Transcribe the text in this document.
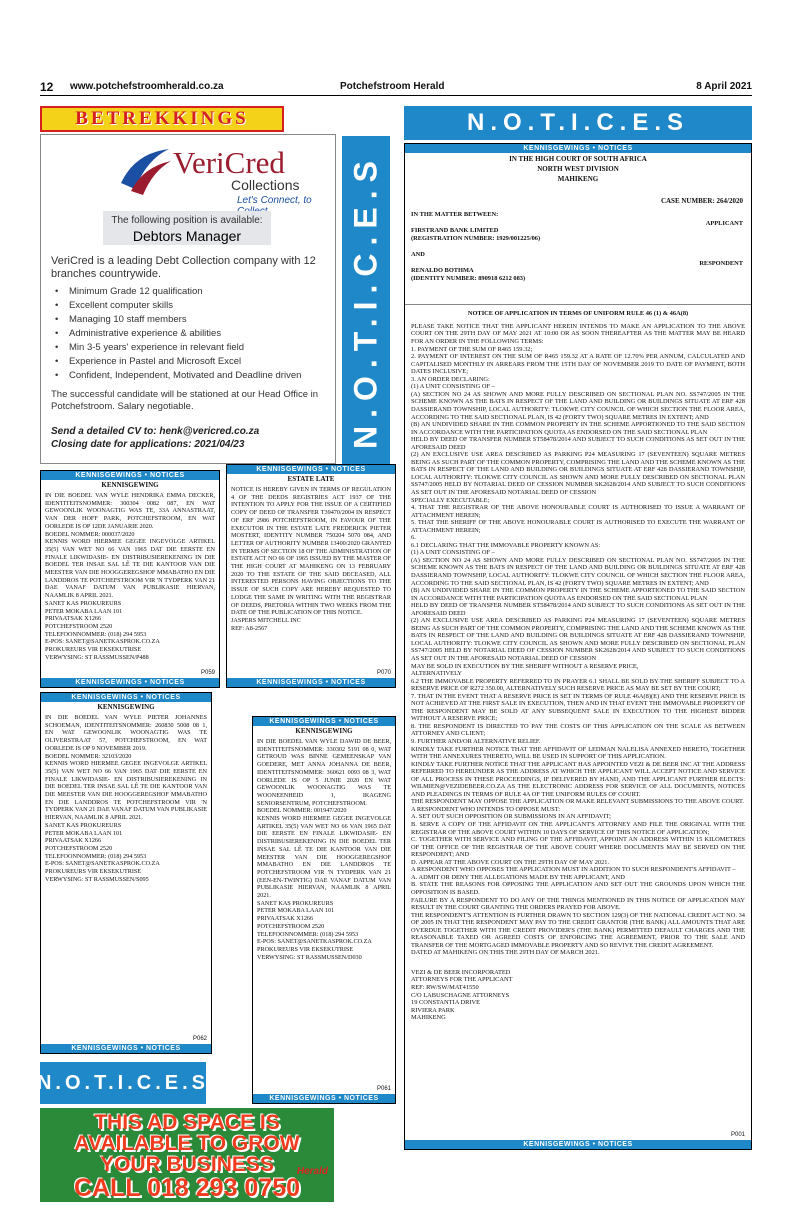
12 www.potchefstroomherald.co.za	Potchefstroom Herald	8 April 2021
BETREKKINGS	N.O.T.I.C.E.S
N.O.T.I.C.E.S
VeriCred
Collections
Let's Connect, to
The following position is available:
Debtors Manager
VeriCred is a leading Debt Collection company with 12 branches countrywide.
• Minimum Grade 12 qualification
• Excellent computer skills
• Managing 10 staff members
• Administrative experience & abilities
• Min 3-5 years' experience in relevant field
• Experience in Pastel and Microsoft Excel
• Confident, Independent, Motivated and Deadline driven
The successful candidate will be stationed at our Head Office in Potchefstroom. Salary negotiable.
Send a detailed CV to: henk@vericred.co.za
Closing date for applications: 2021/04/23
KENNISGEWINGS • NOTICES
KENNISGEWING
IN DIE BOEDEL VAN WYLE HENDRIKA EMMA DECKER, IDENTITEITSNOMMER: 300304 0082 087, EN WAT GEWOONLIK WOONAGTIG WAS TE, 33A ANNASTRAAT, VAN DER HOFF PARK, POTCHEFSTROOM, EN WAT OORLEDE IS OP 12DE JANUARIE 2020.
BOEDEL NOMMER: 000037/2020
KENNIS WORD HIERMEE GEGEE INGEVOLGE ARTIKEL 35(5) VAN WET NO 66 VAN 1965 DAT DIE EERSTE EN FINALE LIKWIDASIE- EN DISTRIBUSIEREKENING IN DIE BOEDEL TER INSAE SAL LÊ TE DIE KANTOOR VAN DIE MEESTER VAN DIE HOOGGEREGSHOF MMABATHO EN DIE LANDDROS TE POTCHEFSTROOM VIR 'N TYDPERK VAN 21 DAE VANAF DATUM VAN PUBLIKASIE HIERVAN, NAAMLIK 8 APRIL 2021.
SANET KAS PROKUREURS
PETER MOKABA LAAN 101
PRIVAATSAK X1266
POTCHEFSTROOM 2520
TELEFOONNOMMER: (018) 294 5953
E-POS: SANET@SANETKASPROK.CO.ZA
PROKUREURS VIR EKSEKUTRISE
VERWYSING: ST RASSMUSSEN/P488
P059
KENNISGEWINGS • NOTICES
KENNISGEWINGS • NOTICES
ESTATE LATE
NOTICE IS HEREBY GIVEN IN TERMS OF REGULATION 4 OF THE DEEDS REGISTRIES ACT 1937 OF THE INTENTION TO APPLY FOR THE ISSUE OF A CERTIFIED COPY OF DEED OF TRANSFER T39470/2004 IN RESPECT OF ERF 2986 POTCHEFSTROOM, IN FAVOUR OF THE EXECUTOR IN THE ESTATE LATE FREDERICK PIETER MOSTERT, IDENTITY NUMBER 750204 5070 084, AND LETTER OF AUTHORITY NUMBER 13400/2020 GRANTED IN TERMS OF SECTION 18 OF THE ADMINISTRATION OF ESTATE ACT NO 66 OF 1965 ISSUED BY THE MASTER OF THE HIGH COURT AT MAHIKENG ON 13 FEBRUARY 2020 TO THE ESTATE OF THE SAID DECEASED, ALL INTERESTED PERSONS HAVING OBJECTIONS TO THE ISSUE OF SUCH COPY ARE HEREBY REQUESTED TO LODGE THE SAME IN WRITING WITH THE REGISTRAR OF DEEDS, PRETORIA WITHIN TWO WEEKS FROM THE DATE OF THE PUBLICATION OF THIS NOTICE.
JASPERS MITCHELL INC
REF: A8-2567
P070
KENNISGEWINGS • NOTICES
KENNISGEWINGS • NOTICES
KENNISGEWING
IN DIE BOEDEL VAN WYLE PIETER JOHANNES SCHOEMAN, IDENTITEITSNOMMER: 260830 5008 08 1, EN WAT GEWOONLIK WOONAGTIG WAS TE OLIVERSTRAAT 57, POTCHEFSTROOM, EN WAT OORLEDE IS OP 9 NOVEMBER 2019.
BOEDEL NOMMER: 32103/2020
KENNIS WORD HIERMEE GEGEE INGEVOLGE ARTIKEL 35(5) VAN WET NO 66 VAN 1965 DAT DIE EERSTE EN FINALE LIKWIDASIE- EN DISTRIBUSIEREKENING IN DIE BOEDEL TER INSAE SAL LÊ TE DIE KANTOOR VAN DIE MEESTER VAN DIE HOOGGEREGSHOF MMABATHO EN DIE LANDDROS TE POTCHEFSTROOM VIR 'N TYDPERK VAN 21 DAE VANAF DATUM VAN PUBLIKASIE HIERVAN, NAAMLIK 8 APRIL 2021.
SANET KAS PROKUREURS
PETER MOKABA LAAN 101
PRIVAATSAK X1266
POTCHEFSTROOM 2520
TELEFOONNOMMER: (018) 294 5953
E-POS: SANET@SANETKASPROK.CO.ZA
PROKUREURS VIR EKSEKUTRISE
VERWYSING: ST RASSMUSSEN/S095
P062
KENNISGEWINGS • NOTICES
KENNISGEWINGS • NOTICES
KENNISGEWING
IN DIE BOEDEL VAN WYLE DAWID DE BEER, IDENTITEITSNOMMER: 330302 5191 08 0, WAT GETROUD WAS BINNE GEMEENSKAP VAN GOEDERE, MET ANNA JOHANNA DE BEER, IDENTITEITSNOMMER: 360621 0093 08 3, WAT OORLEDE IS OP 5 JUNIE 2020 EN WAT GEWOONLIK WOONAGTIG WAS TE WOONEENHEID 1, IKAGENG SENIORSENTRUM, POTCHEFSTROOM.
BOEDEL NOMMER: 001947/2020
KENNIS WORD HIERMEE GEGEE INGEVOLGE ARTIKEL 35(5) VAN WET NO 66 VAN 1965 DAT DIE EERSTE EN FINALE LIKWIDASIE- EN DISTRIBUSIEREKENING IN DIE BOEDEL TER INSAE SAL LÊ TE DIE KANTOOR VAN DIE MEESTER VAN DIE HOOGGEREGSHOF MMABATHO EN DIE LANDDROS TE POTCHEFSTROOM VIR 'N TYDPERK VAN 21 (EEN-EN-TWINTIG) DAE VANAF DATUM VAN PUBLIKASIE HIERVAN, NAAMLIK 8 APRIL 2021.
SANET KAS PROKUREURS
PETER MOKABA LAAN 101
PRIVAATSAK X1266
POTCHEFSTROOM 2520
TELEFOONNOMMER: (018) 294 5953
E-POS: SANET@SANETKASPROK.CO.ZA
PROKUREURS VIR EKSEKUTRISE
VERWYSING: ST RASSMUSSEN/D030
P061
KENNISGEWINGS • NOTICES
N.O.T.I.C.E.S
THIS AD SPACE IS
AVAILABLE TO GROW
YOUR BUSINESS	Herald
CALL 018 293 0750
KENNISGEWINGS • NOTICES
IN THE HIGH COURT OF SOUTH AFRICA
NORTH WEST DIVISION
MAHIKENG
CASE NUMBER: 264/2020
IN THE MATTER BETWEEN:

FIRSTRAND BANK LIMITED
(REGISTRATION NUMBER: 1929/001225/06)

APPLICANT

AND

RENALDO BOTHMA
(IDENTITY NUMBER: 890918 6212 083)

RESPONDENT

NOTICE OF APPLICATION IN TERMS OF UNIFORM RULE 46 (1) & 46A(8)
PLEASE TAKE NOTICE THAT THE APPLICANT HEREIN INTENDS TO MAKE AN APPLICATION TO THE ABOVE COURT ON THE 29TH DAY OF MAY 2021 AT 10:00 OR AS SOON THEREAFTER AS THE MATTER MAY BE HEARD FOR AN ORDER IN THE FOLLOWING TERMS:
1. PAYMENT OF THE SUM OF R465 159.32;
2. PAYMENT OF INTEREST ON THE SUM OF R465 159.32 AT A RATE OF 12.70% PER ANNUM, CALCULATED AND CAPITALISED MONTHLY IN ARREARS FROM THE 15TH DAY OF NOVEMBER 2019 TO DATE OF PAYMENT, BOTH DATES INCLUSIVE;
3. AN ORDER DECLARING:
(1) A UNIT CONSISTING OF –
(A) SECTION NO 24 AS SHOWN AND MORE FULLY DESCRIBED ON SECTIONAL PLAN NO. SS747/2005 IN THE SCHEME KNOWN AS THE BATS IN RESPECT OF THE LAND AND BUILDING OR BUILDINGS SITUATE AT ERF 428 DASSIERAND TOWNSHIP, LOCAL AUTHORITY: TLOKWE CITY COUNCIL OF WHICH SECTION THE FLOOR AREA, ACCORDING TO THE SAID SECTIONAL PLAN, IS 42 (FORTY TWO) SQUARE METRES IN EXTENT; AND
(B) AN UNDIVIDED SHARE IN THE COMMON PROPERTY IN THE SCHEME APPORTIONED TO THE SAID SECTION IN ACCORDANCE WITH THE PARTICIPATION QUOTA AS ENDORSED ON THE SAID SECTIONAL PLAN
HELD BY DEED OF TRANSFER NUMBER ST58478/2014 AND SUBJECT TO SUCH CONDITIONS AS SET OUT IN THE AFORESAID DEED
(2) AN EXCLUSIVE USE AREA DESCRIBED AS PARKING P24 MEASURING 17 (SEVENTEEN) SQUARE METRES BEING AS SUCH PART OF THE COMMON PROPERTY, COMPRISING THE LAND AND THE SCHEME KNOWN AS THE BATS IN RESPECT OF THE LAND AND BUILDING OR BUILDINGS SITUATE AT ERF 428 DASSIERAND TOWNSHIP, LOCAL AUTHORITY: TLOKWE CITY COUNCIL AS SHOWN AND MORE FULLY DESCRIBED ON SECTIONAL PLAN SS747/2005 HELD BY NOTARIAL DEED OF CESSION NUMBER SK2628/2014 AND SUBJECT TO SUCH CONDITIONS AS SET OUT IN THE AFORESAID NOTARIAL DEED OF CESSION
SPECIALLY EXECUTABLE;
4. THAT THE REGISTRAR OF THE ABOVE HONOURABLE COURT IS AUTHORISED TO ISSUE A WARRANT OF ATTACHMENT HEREIN;
5. THAT THE SHERIFF OF THE ABOVE HONOURABLE COURT IS AUTHORISED TO EXECUTE THE WARRANT OF ATTACHMENT HEREIN;
6.
6.1 DECLARING THAT THE IMMOVABLE PROPERTY KNOWN AS:
(1) A UNIT CONSISTING OF –
(A) SECTION NO 24 AS SHOWN AND MORE FULLY DESCRIBED ON SECTIONAL PLAN NO. SS747/2005 IN THE SCHEME KNOWN AS THE BATS IN RESPECT OF THE LAND AND BUILDING OR BUILDINGS SITUATE AT ERF 428 DASSIERAND TOWNSHIP, LOCAL AUTHORITY: TLOKWE CITY COUNCIL OF WHICH SECTION THE FLOOR AREA, ACCORDING TO THE SAID SECTIONAL PLAN, IS 42 (FORTY TWO) SQUARE METRES IN EXTENT; AND
(B) AN UNDIVIDED SHARE IN THE COMMON PROPERTY IN THE SCHEME APPORTIONED TO THE SAID SECTION IN ACCORDANCE WITH THE PARTICIPATION QUOTA AS ENDORSED ON THE SAID SECTIONAL PLAN
HELD BY DEED OF TRANSFER NUMBER ST58478/2014 AND SUBJECT TO SUCH CONDITIONS AS SET OUT IN THE AFORESAID DEED
(2) AN EXCLUSIVE USE AREA DESCRIBED AS PARKING P24 MEASURING 17 (SEVENTEEN) SQUARE METRES BEING AS SUCH PART OF THE COMMON PROPERTY, COMPRISING THE LAND AND THE SCHEME KNOWN AS THE BATS IN RESPECT OF THE LAND AND BUILDING OR BUILDINGS SITUATE AT ERF 428 DASSIERAND TOWNSHIP, LOCAL AUTHORITY: TLOKWE CITY COUNCIL AS SHOWN AND MORE FULLY DESCRIBED ON SECTIONAL PLAN SS747/2005 HELD BY NOTARIAL DEED OF CESSION NUMBER SK2628/2014 AND SUBJECT TO SUCH CONDITIONS AS SET OUT IN THE AFORESAID NOTARIAL DEED OF CESSION
MAY BE SOLD IN EXECUTION BY THE SHERIFF WITHOUT A RESERVE PRICE,
ALTERNATIVELY
6.2 THE IMMOVABLE PROPERTY REFERRED TO IN PRAYER 6.1 SHALL BE SOLD BY THE SHERIFF SUBJECT TO A RESERVE PRICE OF R272 350.00, ALTERNATIVELY SUCH RESERVE PRICE AS MAY BE SET BY THE COURT;
7. THAT IN THE EVENT THAT A RESERVE PRICE IS SET IN TERMS OF RULE 46A(8)(E) AND THE RESERVE PRICE IS NOT ACHIEVED AT THE FIRST SALE IN EXECUTION, THEN AND IN THAT EVENT THE IMMOVABLE PROPERTY OF THE RESPONDENT MAY BE SOLD AT ANY SUBSEQUENT SALE IN EXECUTION TO THE HIGHEST BIDDER WITHOUT A RESERVE PRICE;
8. THE RESPONDENT IS DIRECTED TO PAY THE COSTS OF THIS APPLICATION ON THE SCALE AS BETWEEN ATTORNEY AND CLIENT;
9. FURTHER AND/OR ALTERNATIVE RELIEF.
KINDLY TAKE FURTHER NOTICE THAT THE AFFIDAVIT OF LEDMAN NALELISA ANNEXED HERETO, TOGETHER WITH THE ANNEXURES THERETO, WILL BE USED IN SUPPORT OF THIS APPLICATION.
KINDLY TAKE FURTHER NOTICE THAT THE APPLICANT HAS APPOINTED VEZI & DE BEER INC AT THE ADDRESS REFERRED TO HEREUNDER AS THE ADDRESS AT WHICH THE APPLICANT WILL ACCEPT NOTICE AND SERVICE OF ALL PROCESS IN THESE PROCEEDINGS, IF DELIVERED BY HAND, AND THE APPLICANT FURTHER ELECTS: WILMIEN@VEZIDEBEER.CO.ZA AS THE ELECTRONIC ADDRESS FOR SERVICE OF ALL DOCUMENTS, NOTICES AND PLEADINGS IN TERMS OF RULE 4A OF THE UNIFORM RULES OF COURT.
THE RESPONDENT MAY OPPOSE THE APPLICATION OR MAKE RELEVANT SUBMISSIONS TO THE ABOVE COURT.
A RESPONDENT WHO INTENDS TO OPPOSE MUST:
A. SET OUT SUCH OPPOSITION OR SUBMISSIONS IN AN AFFIDAVIT;
B. SERVE A COPY OF THE AFFIDAVIT ON THE APPLICANT'S ATTORNEY AND FILE THE ORIGINAL WITH THE REGISTRAR OF THE ABOVE COURT WITHIN 10 DAYS OF SERVICE OF THIS NOTICE OF APPLICATION;
C. TOGETHER WITH SERVICE AND FILING OF THE AFFIDAVIT, APPOINT AN ADDRESS WITHIN 15 KILOMETRES OF THE OFFICE OF THE REGISTRAR OF THE ABOVE COURT WHERE DOCUMENTS MAY BE SERVED ON THE RESPONDENT; AND
D. APPEAR AT THE ABOVE COURT ON THE 29TH DAY OF MAY 2021.
A RESPONDENT WHO OPPOSES THE APPLICATION MUST IN ADDITION TO SUCH RESPONDENT'S AFFIDAVIT –
A. ADMIT OR DENY THE ALLEGATIONS MADE BY THE APPLICANT, AND
B. STATE THE REASONS FOR OPPOSING THE APPLICATION AND SET OUT THE GROUNDS UPON WHICH THE OPPOSITION IS BASED.
FAILURE BY A RESPONDENT TO DO ANY OF THE THINGS MENTIONED IN THIS NOTICE OF APPLICATION MAY RESULT IN THE COURT GRANTING THE ORDERS PRAYED FOR ABOVE.
THE RESPONDENT'S ATTENTION IS FURTHER DRAWN TO SECTION 129(3) OF THE NATIONAL CREDIT ACT NO. 34 OF 2005 IN THAT THE RESPONDENT MAY PAY TO THE CREDIT GRANTOR (THE BANK) ALL AMOUNTS THAT ARE OVERDUE TOGETHER WITH THE CREDIT PROVIDER'S (THE BANK) PERMITTED DEFAULT CHARGES AND THE REASONABLE TAXED OR AGREED COSTS OF ENFORCING THE AGREEMENT, PRIOR TO THE SALE AND TRANSFER OF THE MORTGAGED IMMOVABLE PROPERTY AND SO REVIVE THE CREDIT AGREEMENT.
DATED AT MAHIKENG ON THIS THE 29TH DAY OF MARCH 2021.
VEZI & DE BEER INCORPORATED
ATTORNEYS FOR THE APPLICANT
REF: RW/SW/MAT41550
C/O LABUSCHAGNE ATTORNEYS
19 CONSTANTIA DRIVE
RIVIERA PARK
MAHIKENG
P001
KENNISGEWINGS • NOTICES
